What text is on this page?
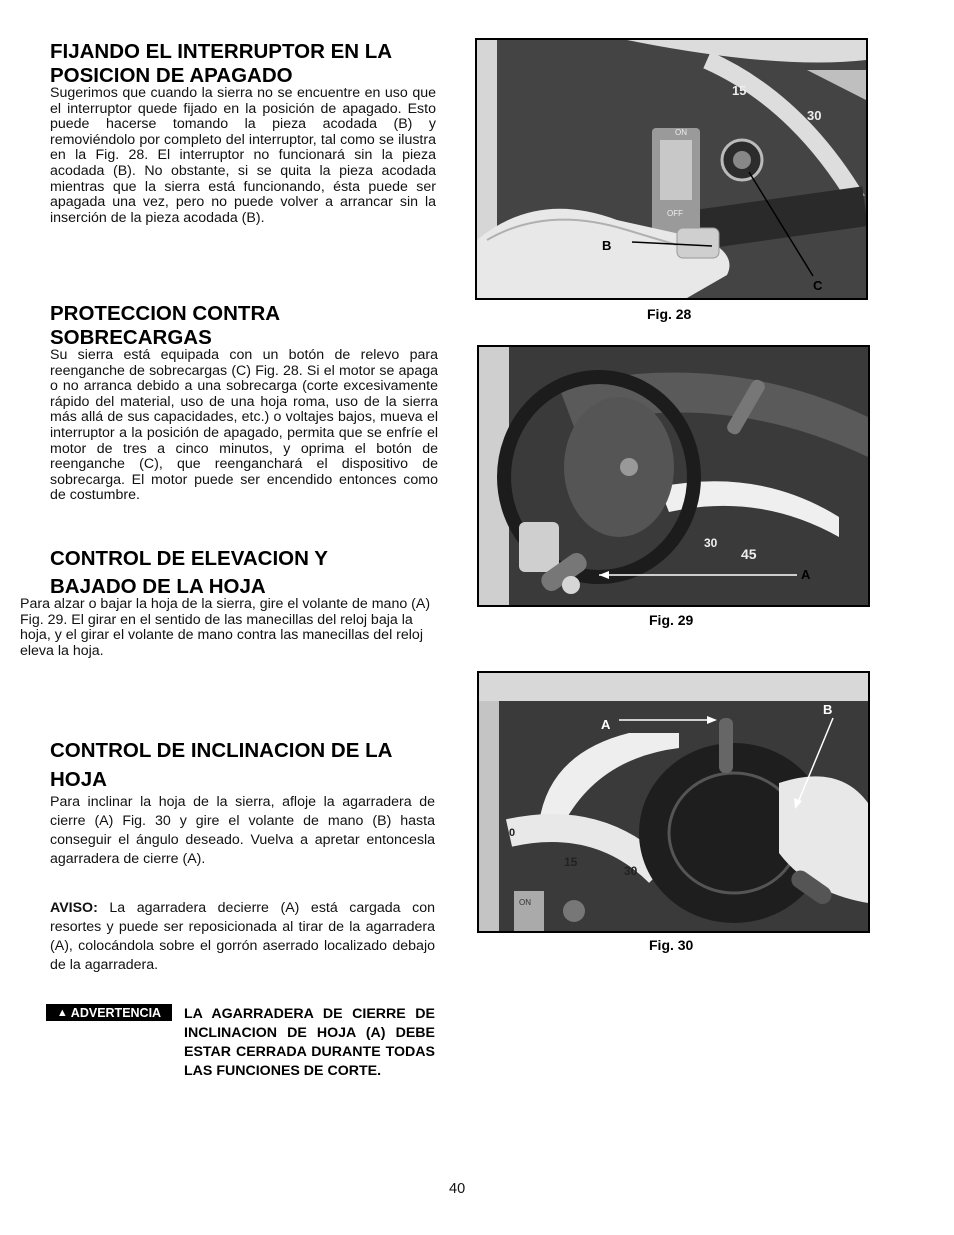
FIJANDO EL INTERRUPTOR EN LA POSICION DE APAGADO

Sugerimos que cuando la sierra no se encuentre en uso que el interruptor quede fijado en la posición de apagado. Esto puede hacerse tomando la pieza acodada (B) y removiéndolo por completo del interruptor, tal como se ilustra en la Fig. 28. El interruptor no funcionará sin la pieza acodada (B). No obstante, si se quita la pieza acodada mientras que la sierra está funcionando, ésta puede ser apagada una vez, pero no puede volver a arrancar sin la inserción de la pieza acodada (B).

PROTECCION CONTRA SOBRECARGAS

Su sierra está equipada con un botón de relevo para reenganche de sobrecargas (C) Fig. 28. Si el motor se apaga o no arranca debido a una sobrecarga (corte excesivamente rápido del material, uso de una hoja roma, uso de la sierra más allá de sus capacidades, etc.) o voltajes bajos, mueva el interruptor a la posición de apagado, permita que se enfríe el motor de tres a cinco minutos, y oprima el botón de reenganche (C), que reenganchará el dispositivo de sobrecarga. El motor puede ser encendido entonces como de costumbre.

CONTROL DE ELEVACION Y
BAJADO DE LA HOJA

Para alzar o bajar la hoja de la sierra, gire el volante de mano (A) Fig. 29. El girar en el sentido de las manecillas del reloj baja la hoja, y el girar el volante de mano contra las manecillas del reloj eleva la hoja.

CONTROL DE INCLINACION DE LA
HOJA

Para inclinar la hoja de la sierra, afloje la agarradera de cierre (A) Fig. 30 y gire el volante de mano (B) hasta conseguir el ángulo deseado. Vuelva a apretar entoncesla agarradera de cierre (A).

AVISO: La agarradera decierre (A) está cargada con resortes y puede ser reposicionada al tirar de la agarradera (A), colocándola sobre el gorrón aserrado localizado debajo de la agarradera.

▲ ADVERTENCIA LA AGARRADERA DE CIERRE DE INCLINACION DE HOJA (A) DEBE ESTAR CERRADA DURANTE TODAS LAS FUNCIONES DE CORTE.
ON
OFF
15
30
B
C
Fig. 28
30
45
A
Fig. 29
ON
0
15
30
A
B
Fig. 30
40
